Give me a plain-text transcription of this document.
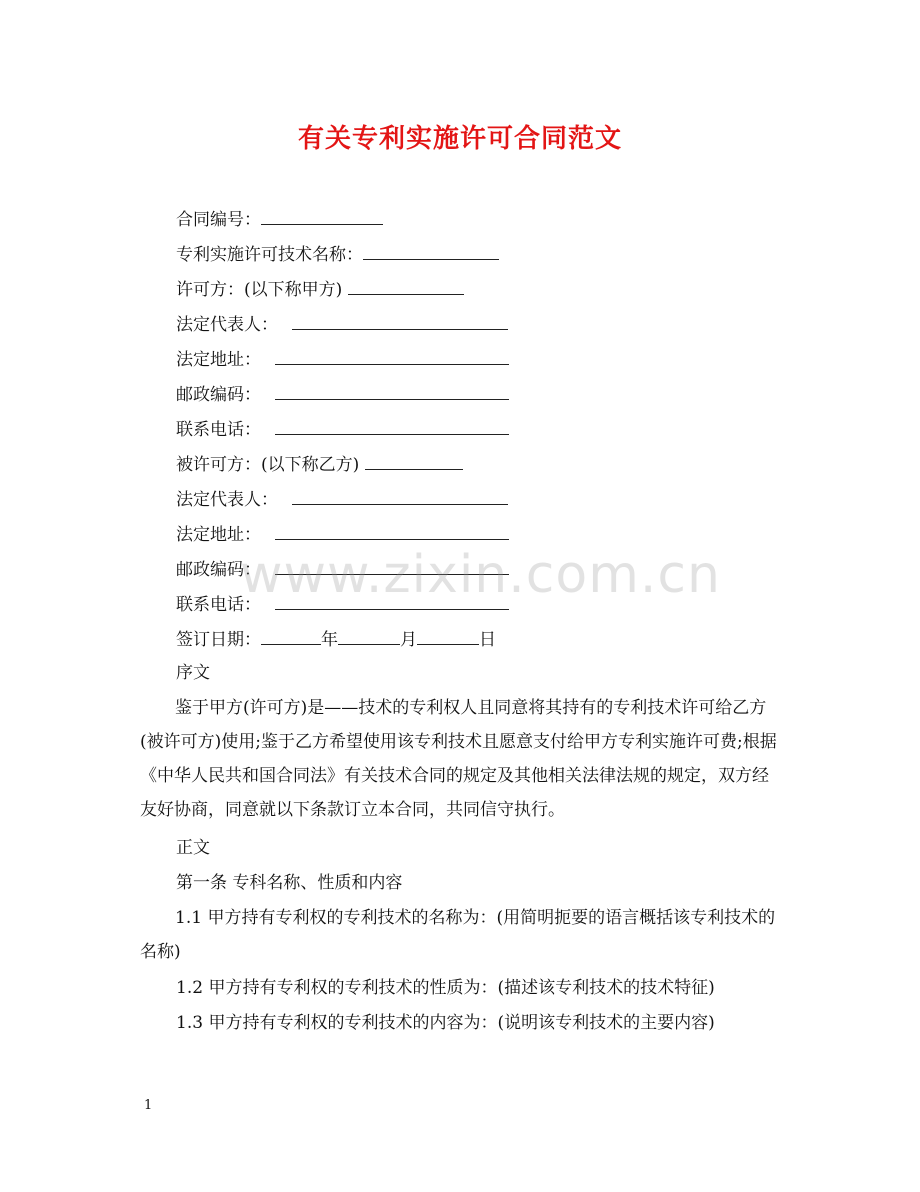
有关专利实施许可合同范文
合同编号：
专利实施许可技术名称：
许可方：(以下称甲方)
法定代表人：
法定地址：
邮政编码：
联系电话：
被许可方：(以下称乙方)
法定代表人：
法定地址：
邮政编码：
联系电话：
签订日期：	年	月	日
序文
鉴于甲方(许可方)是——技术的专利权人且同意将其持有的专利技术许可给乙方(被许可方)使用;鉴于乙方希望使用该专利技术且愿意支付给甲方专利实施许可费;根据《中华人民共和国合同法》有关技术合同的规定及其他相关法律法规的规定，双方经友好协商，同意就以下条款订立本合同，共同信守执行。
正文
第一条 专科名称、性质和内容
1.1 甲方持有专利权的专利技术的名称为：(用简明扼要的语言概括该专利技术的名称)
1.2 甲方持有专利权的专利技术的性质为：(描述该专利技术的技术特征)
1.3 甲方持有专利权的专利技术的内容为：(说明该专利技术的主要内容)
www.zixin.com.cn
1
